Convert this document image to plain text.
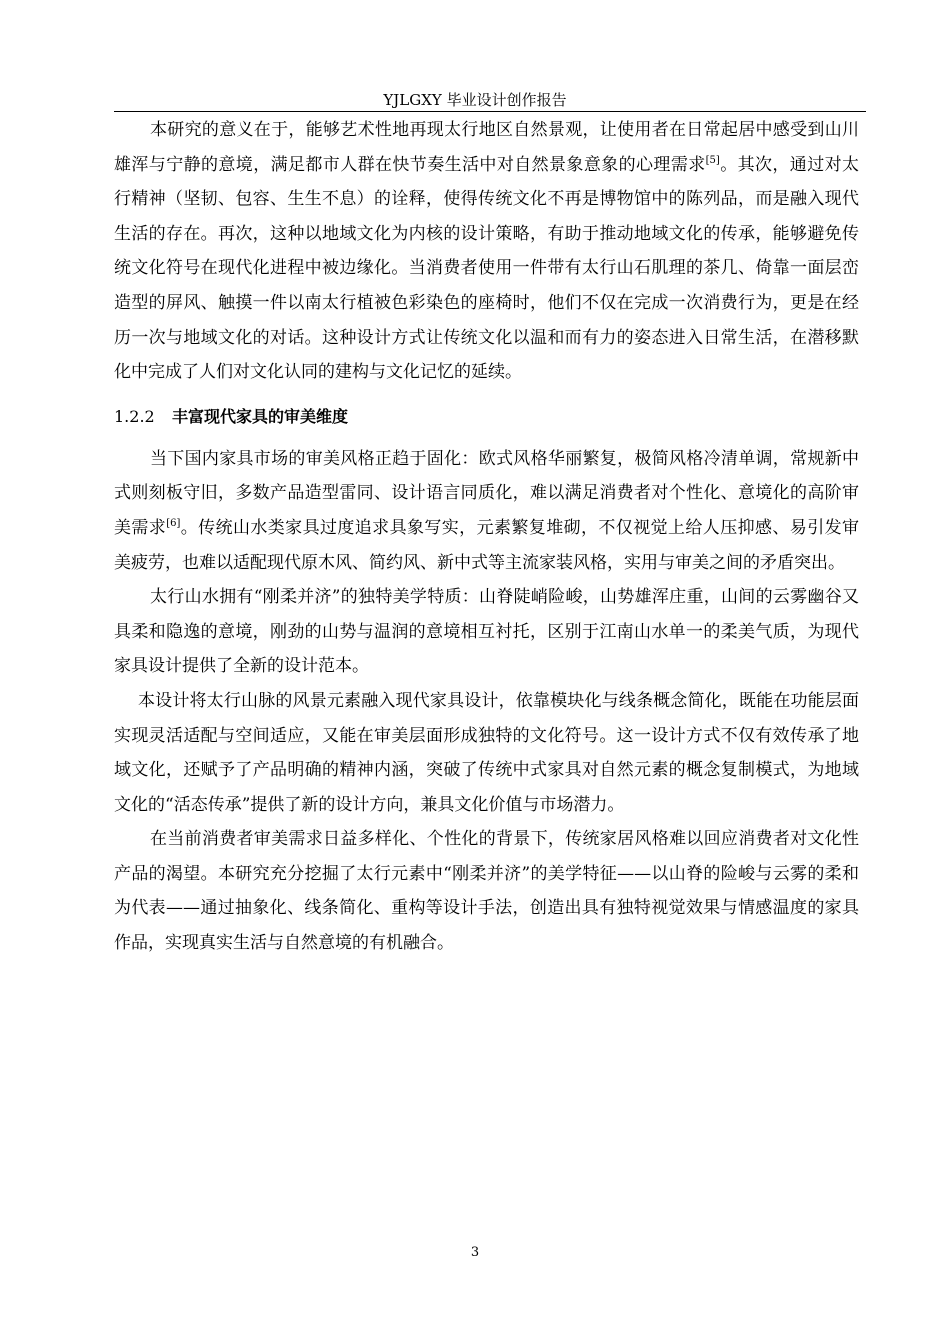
YJLGXY 毕业设计创作报告

本研究的意义在于，能够艺术性地再现太行地区自然景观，让使用者在日常起居中感受到山川雄浑与宁静的意境，满足都市人群在快节奏生活中对自然景象意象的心理需求[5]。其次，通过对太行精神（坚韧、包容、生生不息）的诠释，使得传统文化不再是博物馆中的陈列品，而是融入现代生活的存在。再次，这种以地域文化为内核的设计策略，有助于推动地域文化的传承，能够避免传统文化符号在现代化进程中被边缘化。当消费者使用一件带有太行山石肌理的茶几、倚靠一面层峦造型的屏风、触摸一件以南太行植被色彩染色的座椅时，他们不仅在完成一次消费行为，更是在经历一次与地域文化的对话。这种设计方式让传统文化以温和而有力的姿态进入日常生活，在潜移默化中完成了人们对文化认同的建构与文化记忆的延续。

1.2.2 丰富现代家具的审美维度

当下国内家具市场的审美风格正趋于固化：欧式风格华丽繁复，极简风格冷清单调，常规新中式则刻板守旧，多数产品造型雷同、设计语言同质化，难以满足消费者对个性化、意境化的高阶审美需求[6]。传统山水类家具过度追求具象写实，元素繁复堆砌，不仅视觉上给人压抑感、易引发审美疲劳，也难以适配现代原木风、简约风、新中式等主流家装风格，实用与审美之间的矛盾突出。

太行山水拥有“刚柔并济”的独特美学特质：山脊陡峭险峻，山势雄浑庄重，山间的云雾幽谷又具柔和隐逸的意境，刚劲的山势与温润的意境相互衬托，区别于江南山水单一的柔美气质，为现代家具设计提供了全新的设计范本。

本设计将太行山脉的风景元素融入现代家具设计，依靠模块化与线条概念简化，既能在功能层面实现灵活适配与空间适应，又能在审美层面形成独特的文化符号。这一设计方式不仅有效传承了地域文化，还赋予了产品明确的精神内涵，突破了传统中式家具对自然元素的概念复制模式，为地域文化的“活态传承”提供了新的设计方向，兼具文化价值与市场潜力。

在当前消费者审美需求日益多样化、个性化的背景下，传统家居风格难以回应消费者对文化性产品的渴望。本研究充分挖掘了太行元素中“刚柔并济”的美学特征——以山脊的险峻与云雾的柔和为代表——通过抽象化、线条简化、重构等设计手法，创造出具有独特视觉效果与情感温度的家具作品，实现真实生活与自然意境的有机融合。

3
